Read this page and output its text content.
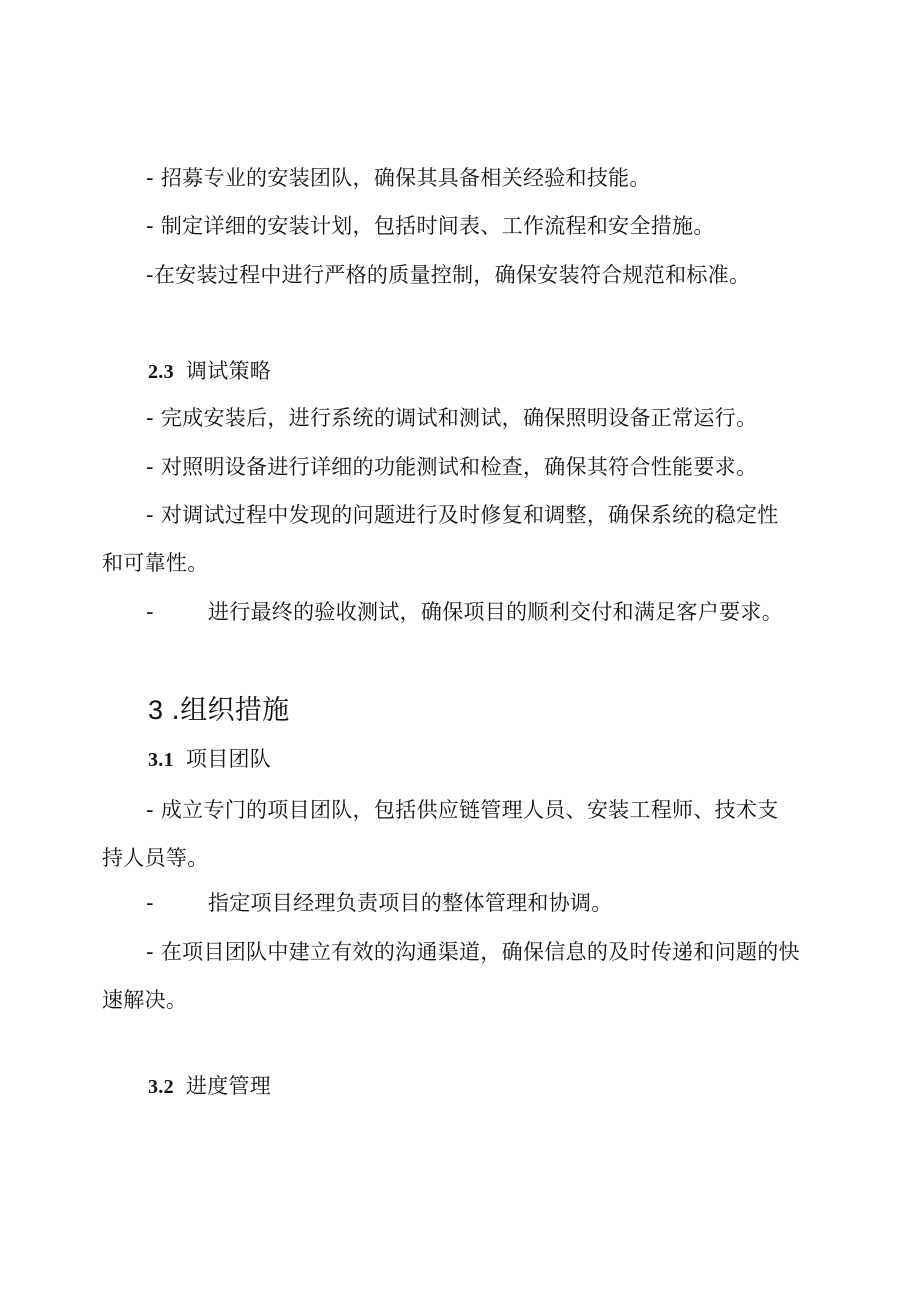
- 招募专业的安装团队，确保其具备相关经验和技能。
- 制定详细的安装计划，包括时间表、工作流程和安全措施。
-在安装过程中进行严格的质量控制，确保安装符合规范和标准。
2.3 调试策略
- 完成安装后，进行系统的调试和测试，确保照明设备正常运行。
- 对照明设备进行详细的功能测试和检查，确保其符合性能要求。
- 对调试过程中发现的问题进行及时修复和调整，确保系统的稳定性
和可靠性。
-	进行最终的验收测试，确保项目的顺利交付和满足客户要求。
3 .组织措施
3.1 项目团队
- 成立专门的项目团队，包括供应链管理人员、安装工程师、技术支
持人员等。
-	指定项目经理负责项目的整体管理和协调。
- 在项目团队中建立有效的沟通渠道，确保信息的及时传递和问题的快
速解决。
3.2 进度管理
